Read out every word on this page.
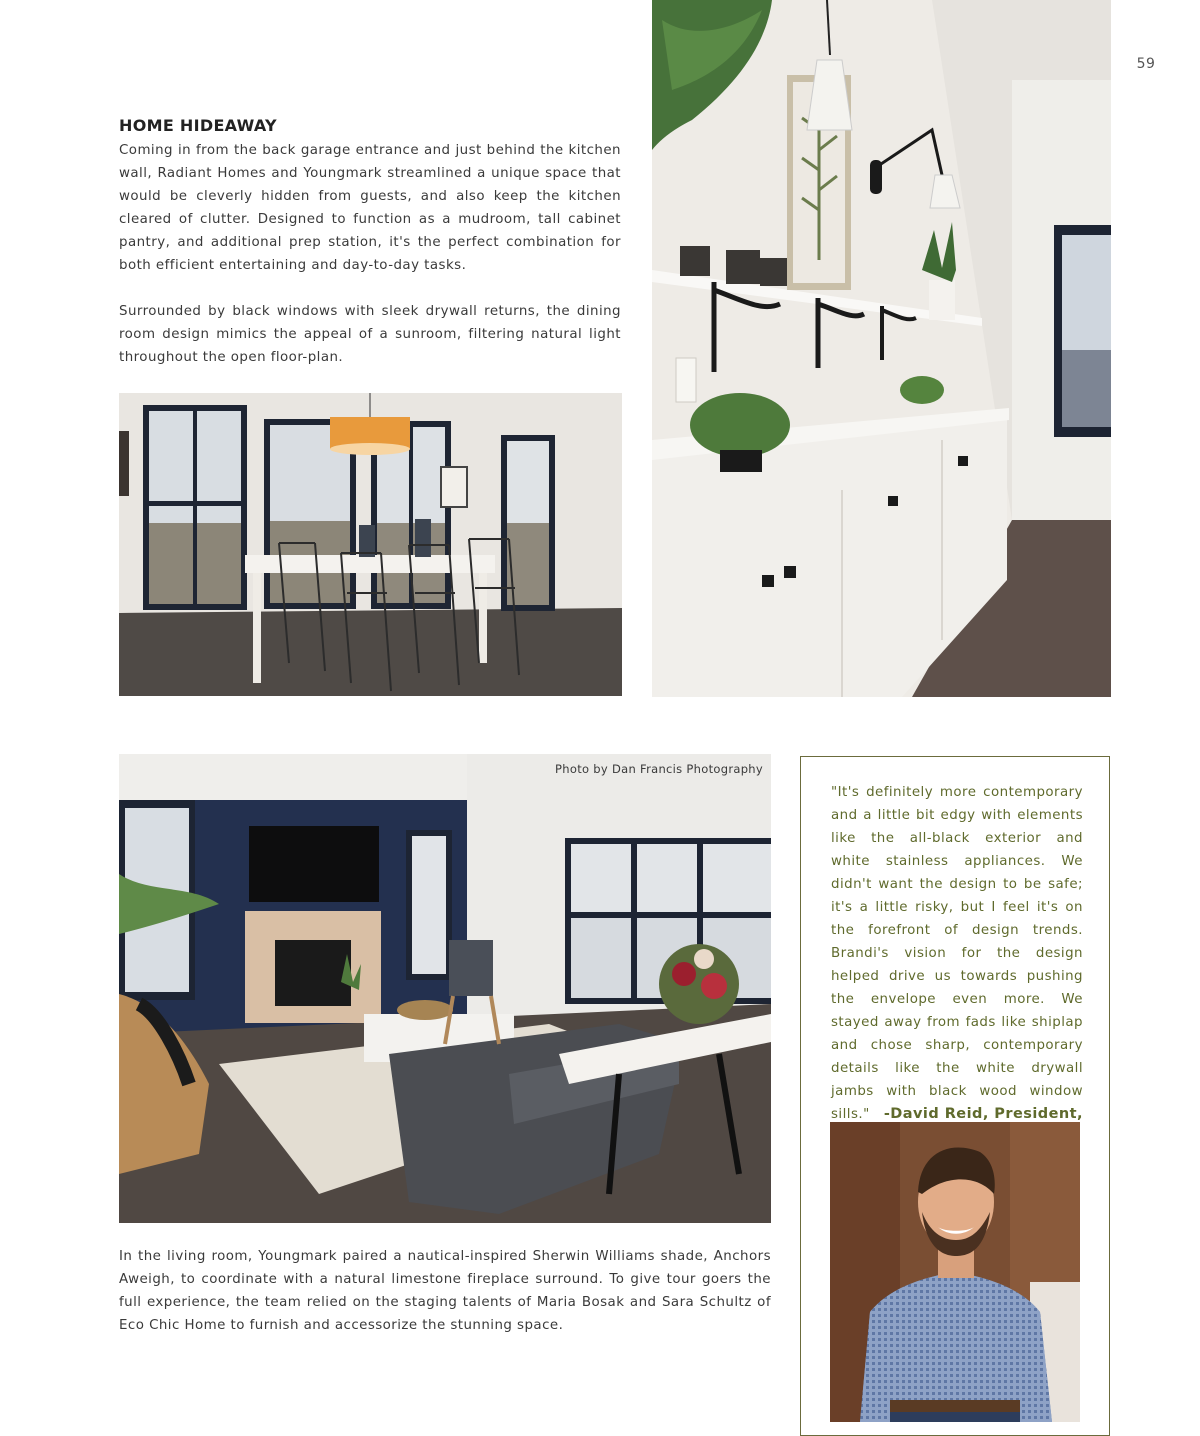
59
HOME HIDEAWAY

Coming in from the back garage entrance and just behind the kitchen wall, Radiant Homes and Youngmark streamlined a unique space that would be cleverly hidden from guests, and also keep the kitchen cleared of clutter. Designed to function as a mudroom, tall cabinet pantry, and additional prep station, it's the perfect combination for both efficient entertaining and day-to-day tasks.

Surrounded by black windows with sleek drywall returns, the dining room design mimics the appeal of a sunroom, filtering natural light throughout the open floor-plan.

Photo by Dan Francis Photography

In the living room, Youngmark paired a nautical-inspired Sherwin Williams shade, Anchors Aweigh, to coordinate with a natural limestone fireplace surround. To give tour goers the full experience, the team relied on the staging talents of Maria Bosak and Sara Schultz of Eco Chic Home to furnish and accessorize the stunning space.

"It's definitely more contemporary and a little bit edgy with elements like the all-black exterior and white stainless appliances. We didn't want the design to be safe; it's a little risky, but I feel it's on the forefront of design trends. Brandi's vision for the design helped drive us towards pushing the envelope even more. We stayed away from fads like shiplap and chose sharp, contemporary details like the white drywall jambs with black wood window sills." -David Reid, President,
